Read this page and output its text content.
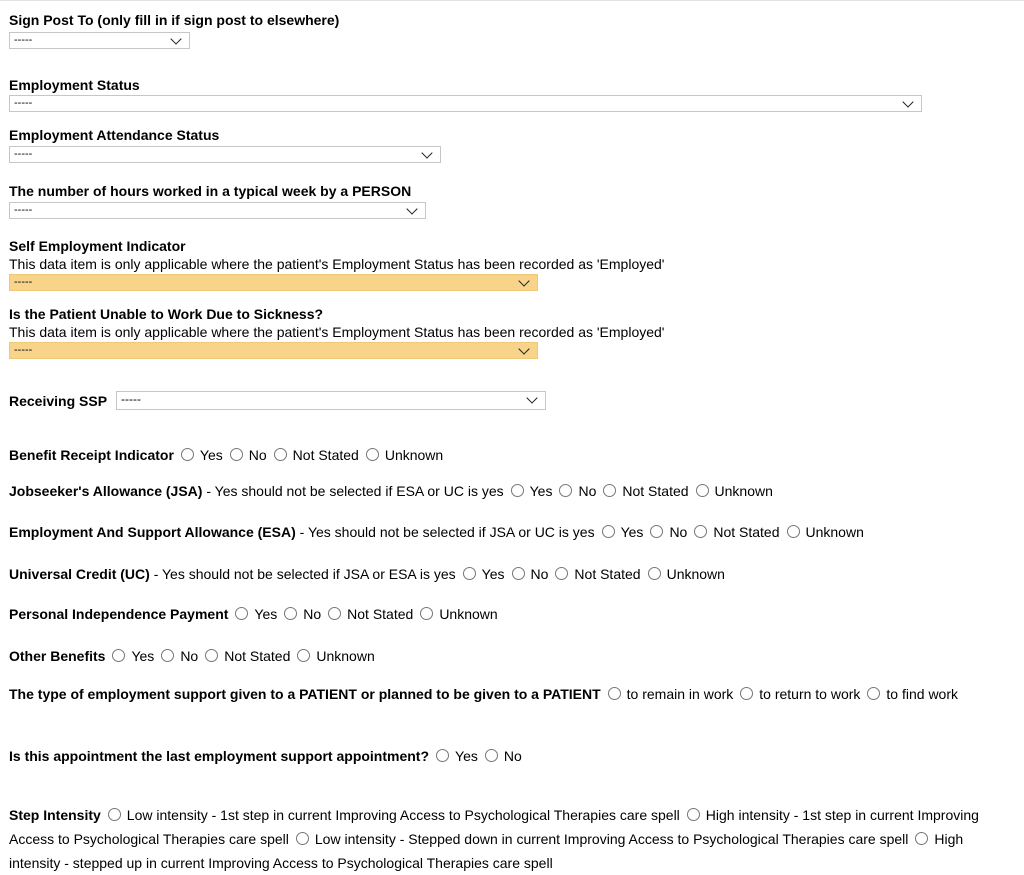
Sign Post To (only fill in if sign post to elsewhere)
-----
Employment Status
-----
Employment Attendance Status
-----
The number of hours worked in a typical week by a PERSON
-----
Self Employment Indicator
This data item is only applicable where the patient's Employment Status has been recorded as 'Employed'
-----
Is the Patient Unable to Work Due to Sickness?
This data item is only applicable where the patient's Employment Status has been recorded as 'Employed'
-----
Receiving SSP -----
Benefit Receipt Indicator Yes No Not Stated Unknown
Jobseeker's Allowance (JSA) - Yes should not be selected if ESA or UC is yes Yes No Not Stated Unknown
Employment And Support Allowance (ESA) - Yes should not be selected if JSA or UC is yes Yes No Not Stated Unknown
Universal Credit (UC) - Yes should not be selected if JSA or ESA is yes Yes No Not Stated Unknown
Personal Independence Payment Yes No Not Stated Unknown
Other Benefits Yes No Not Stated Unknown
The type of employment support given to a PATIENT or planned to be given to a PATIENT to remain in work to return to work to find work
Is this appointment the last employment support appointment? Yes No
Step Intensity Low intensity - 1st step in current Improving Access to Psychological Therapies care spell High intensity - 1st step in current Improving Access to Psychological Therapies care spell Low intensity - Stepped down in current Improving Access to Psychological Therapies care spell High intensity - stepped up in current Improving Access to Psychological Therapies care spell
